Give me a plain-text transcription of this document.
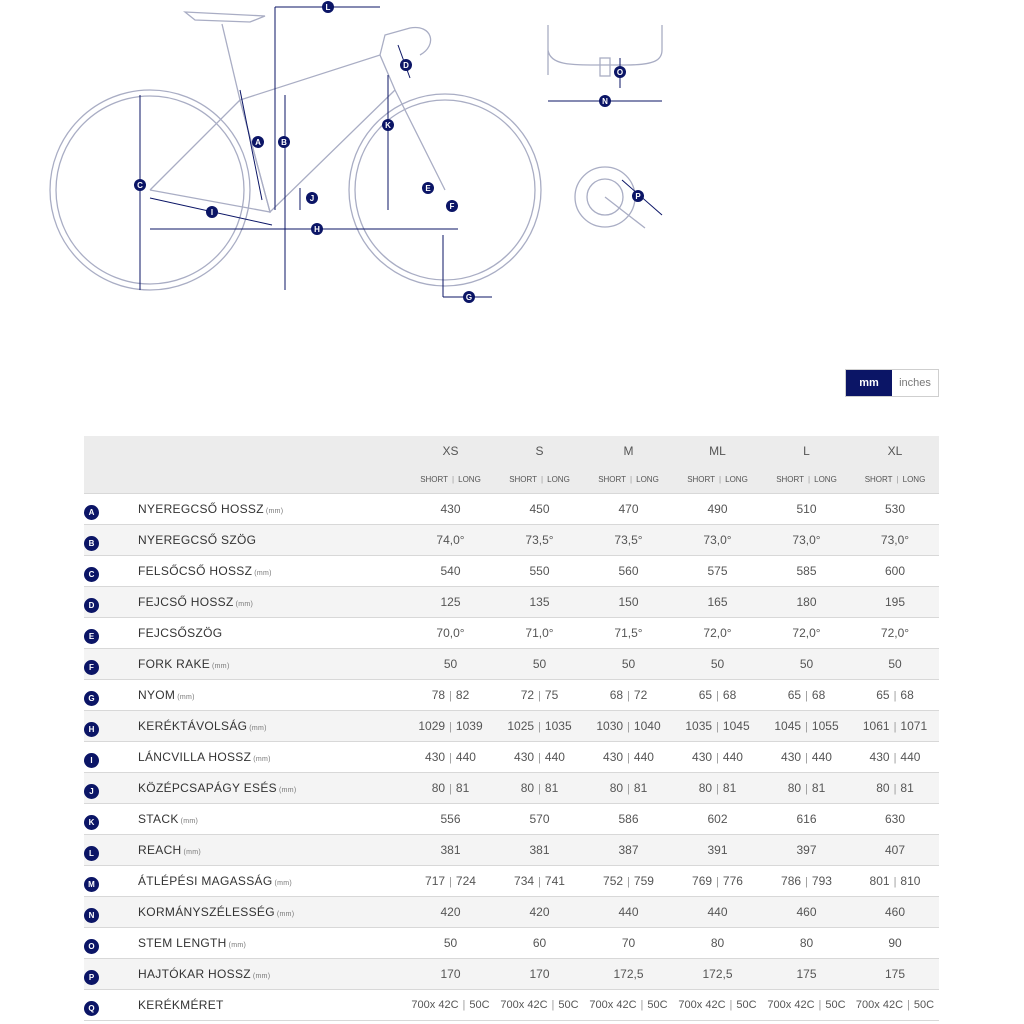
L
D
O
N
K
A	B
E
C
I
H
J
F
G
P
mm	inches
		XS	S	M	ML	L	XL
		SHORT | LONG	SHORT | LONG	SHORT | LONG	SHORT | LONG	SHORT | LONG	SHORT | LONG
A	NYEREGCSŐ HOSSZ (mm)	430	450	470	490	510	530
B	NYEREGCSŐ SZÖG	74,0°	73,5°	73,5°	73,0°	73,0°	73,0°
C	FELSŐCSŐ HOSSZ (mm)	540	550	560	575	585	600
D	FEJCSŐ HOSSZ (mm)	125	135	150	165	180	195
E	FEJCSŐSZÖG	70,0°	71,0°	71,5°	72,0°	72,0°	72,0°
F	FORK RAKE (mm)	50	50	50	50	50	50
G	NYOM (mm)	78 | 82	72 | 75	68 | 72	65 | 68	65 | 68	65 | 68
H	KERÉKTÁVOLSÁG (mm)	1029 | 1039	1025 | 1035	1030 | 1040	1035 | 1045	1045 | 1055	1061 | 1071
I	LÁNCVILLA HOSSZ (mm)	430 | 440	430 | 440	430 | 440	430 | 440	430 | 440	430 | 440
J	KÖZÉPCSAPÁGY ESÉS (mm)	80 | 81	80 | 81	80 | 81	80 | 81	80 | 81	80 | 81
K	STACK (mm)	556	570	586	602	616	630
L	REACH (mm)	381	381	387	391	397	407
M	ÁTLÉPÉSI MAGASSÁG (mm)	717 | 724	734 | 741	752 | 759	769 | 776	786 | 793	801 | 810
N	KORMÁNYSZÉLESSÉG (mm)	420	420	440	440	460	460
O	STEM LENGTH (mm)	50	60	70	80	80	90
P	HAJTÓKAR HOSSZ (mm)	170	170	172,5	172,5	175	175
Q	KERÉKMÉRET	700x 42C | 50C	700x 42C | 50C	700x 42C | 50C	700x 42C | 50C	700x 42C | 50C	700x 42C | 50C
